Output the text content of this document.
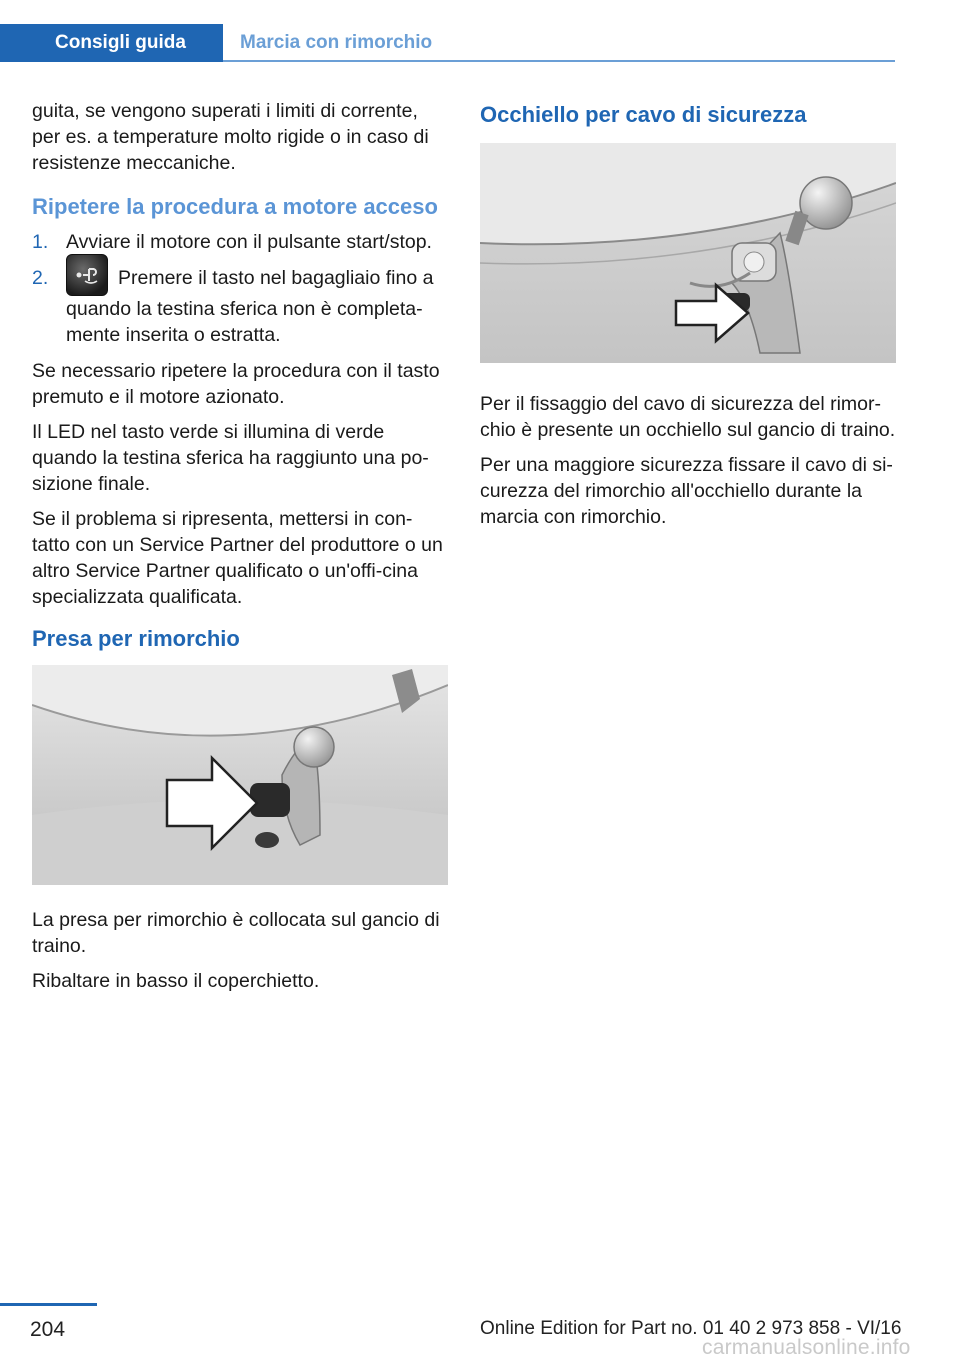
Consigli guida	Marcia con rimorchio

guita, se vengono superati i limiti di corrente, per es. a temperature molto rigide o in caso di resistenze meccaniche.

Ripetere la procedura a motore acceso
1. Avviare il motore con il pulsante start/stop.
2.	Premere il tasto nel bagagliaio fino a quando la testina sferica non è completa‐mente inserita o estratta.

Se necessario ripetere la procedura con il tasto premuto e il motore azionato.

Il LED nel tasto verde si illumina di verde quando la testina sferica ha raggiunto una po‐sizione finale.

Se il problema si ripresenta, mettersi in con‐tatto con un Service Partner del produttore o un altro Service Partner qualificato o un'offi‐cina specializzata qualificata.

Presa per rimorchio

La presa per rimorchio è collocata sul gancio di traino.

Ribaltare in basso il coperchietto.

Occhiello per cavo di sicurezza

Per il fissaggio del cavo di sicurezza del rimor‐chio è presente un occhiello sul gancio di traino.

Per una maggiore sicurezza fissare il cavo di si‐curezza del rimorchio all'occhiello durante la marcia con rimorchio.

204	Online Edition for Part no. 01 40 2 973 858 - VI/16
carmanualsonline.info
